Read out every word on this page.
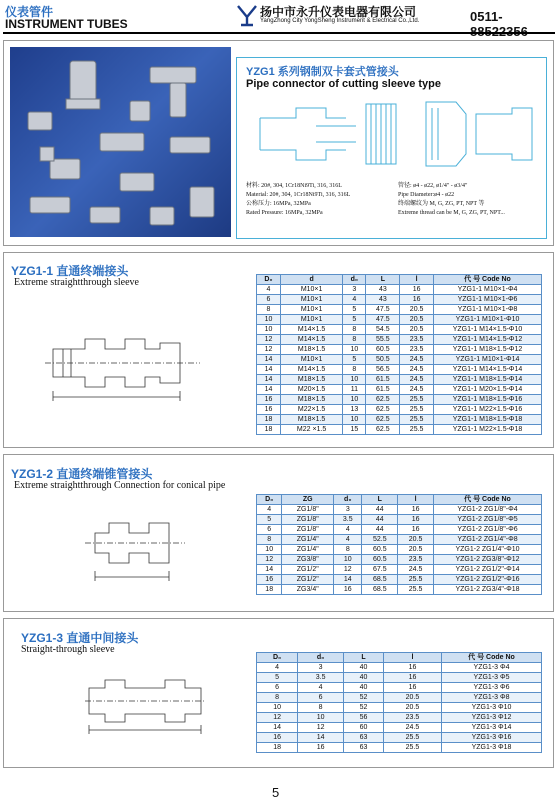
仪表管件
INSTRUMENT TUBES
扬中市永升仪表电器有限公司
YangZhong City YongSheng Instrument & Electrical Co.,Ltd.	0511-
YZG1 系列钢制双卡套式管接头
Pipe connector of cutting sleeve type
材料: 20#, 304, 1Cr18Ni9Ti, 316, 316L
Material: 20#, 304, 1Cr18Ni9Ti, 316, 316L
公称压力: 16MPa, 32MPa
Rated Pressure: 16MPa, 32MPa
管径: ø4 - ø22, ø1/4" - ø3/4"
Pipe Diameter:ø4 - ø22
终端螺纹为 M, G, ZG, PT, NPT 等
Extreme thread can be M, G, ZG, PT, NPT...
YZG1-1 直通终端接头
Extreme straightthrough sleeve	D₀	d	d₀	L	l	代 号 Code No
4	M10×1	3	43	16	YZG1-1 M10×1-Φ4
6	M10×1	4	43	16	YZG1-1 M10×1-Φ6
8	M10×1	5	47.5	20.5	YZG1-1 M10×1-Φ8
10	M10×1	5	47.5	20.5	YZG1-1 M10×1-Φ10
10	M14×1.5	8	54.5	20.5	YZG1-1 M14×1.5-Φ10
12	M14×1.5	8	55.5	23.5	YZG1-1 M14×1.5-Φ12
12	M18×1.5	10	60.5	23.5	YZG1-1 M18×1.5-Φ12
14	M10×1	5	50.5	24.5	YZG1-1 M10×1-Φ14
14	M14×1.5	8	56.5	24.5	YZG1-1 M14×1.5-Φ14
14	M18×1.5	10	61.5	24.5	YZG1-1 M18×1.5-Φ14
14	M20×1.5	11	61.5	24.5	YZG1-1 M20×1.5-Φ14
16	M18×1.5	10	62.5	25.5	YZG1-1 M18×1.5-Φ16
16	M22×1.5	13	62.5	25.5	YZG1-1 M22×1.5-Φ16
18	M18×1.5	10	62.5	25.5	YZG1-1 M18×1.5-Φ18
18	M22 ×1.5	15	62.5	25.5	YZG1-1 M22×1.5-Φ18
YZG1-2 直通终端锥管接头
Extreme straightthrough Connection for conical pipe
D₀	ZG	d₀	L	l	代 号 Code No
4	ZG1/8"	3	44	16	YZG1-2 ZG1/8"-Φ4
5	ZG1/8"	3.5	44	16	YZG1-2 ZG1/8"-Φ5
6	ZG1/8"	4	44	16	YZG1-2 ZG1/8"-Φ6
8	ZG1/4"	4	52.5	20.5	YZG1-2 ZG1/4"-Φ8
10	ZG1/4"	8	60.5	20.5	YZG1-2 ZG1/4"-Φ10
12	ZG3/8"	10	60.5	23.5	YZG1-2 ZG3/8"-Φ12
14	ZG1/2"	12	67.5	24.5	YZG1-2 ZG1/2"-Φ14
16	ZG1/2"	14	68.5	25.5	YZG1-2 ZG1/2"-Φ16
18	ZG3/4"	16	68.5	25.5	YZG1-2 ZG3/4"-Φ18
YZG1-3 直通中间接头
Straight-through sleeve
D₀	d₀	L	l	代 号 Code No
4	3	40	16	YZG1-3 Φ4
5	3.5	40	16	YZG1-3 Φ5
6	4	40	16	YZG1-3 Φ6
8	6	52	20.5	YZG1-3 Φ8
10	8	52	20.5	YZG1-3 Φ10
12	10	56	23.5	YZG1-3 Φ12
14	12	60	24.5	YZG1-3 Φ14
16	14	63	25.5	YZG1-3 Φ16
18	16	63	25.5	YZG1-3 Φ18
5
